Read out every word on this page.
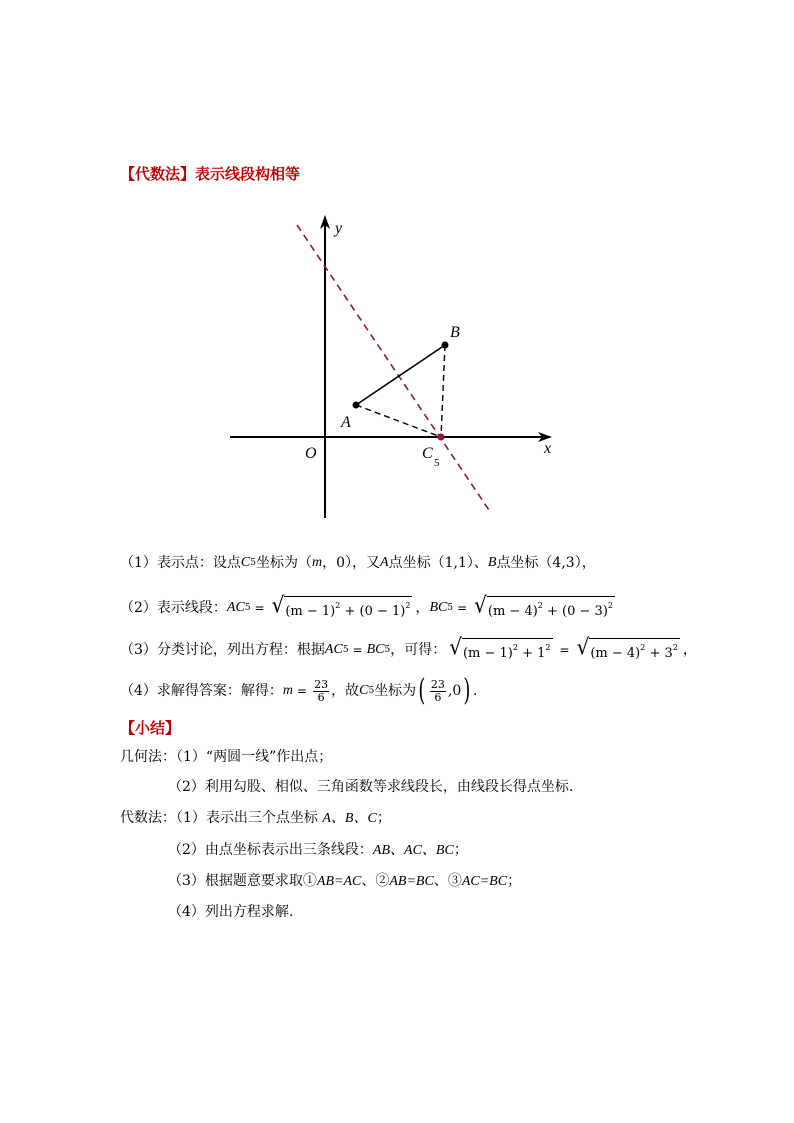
【代数法】表示线段构相等
y
x
O
A
B
C
5
（1）表示点：设点 C 5 坐标为（ m ，0），又 A 点坐标（1,1）、 B 点坐标（4,3），
（2）表示线段： AC 5 = √ $(m - 1)^2 + (0 - 1)^2$ ， BC 5 = √ $(m - 4)^2 + (0 - 3)^2$
（3）分类讨论，列出方程：根据 AC 5 = BC 5 ，可得： √ $(m - 1)^2 + 1^2$ = √ $(m - 4)^2 + 3^2$ ，
（4）求解得答案：解得： $m = \frac{23}{6}$ ，故 C 5 坐标为 ( $\frac{23}{6} ,0$ ) .
【小结】
几何法：（1）“两圆一线”作出点；
（2）利用勾股、相似、三角函数等求线段长，由线段长得点坐标.
代数法：（1）表示出三个点坐标 A、B、C；
（2）由点坐标表示出三条线段：AB、AC、BC；
（3）根据题意要求取①AB=AC、②AB=BC、③AC=BC；
（4）列出方程求解.
